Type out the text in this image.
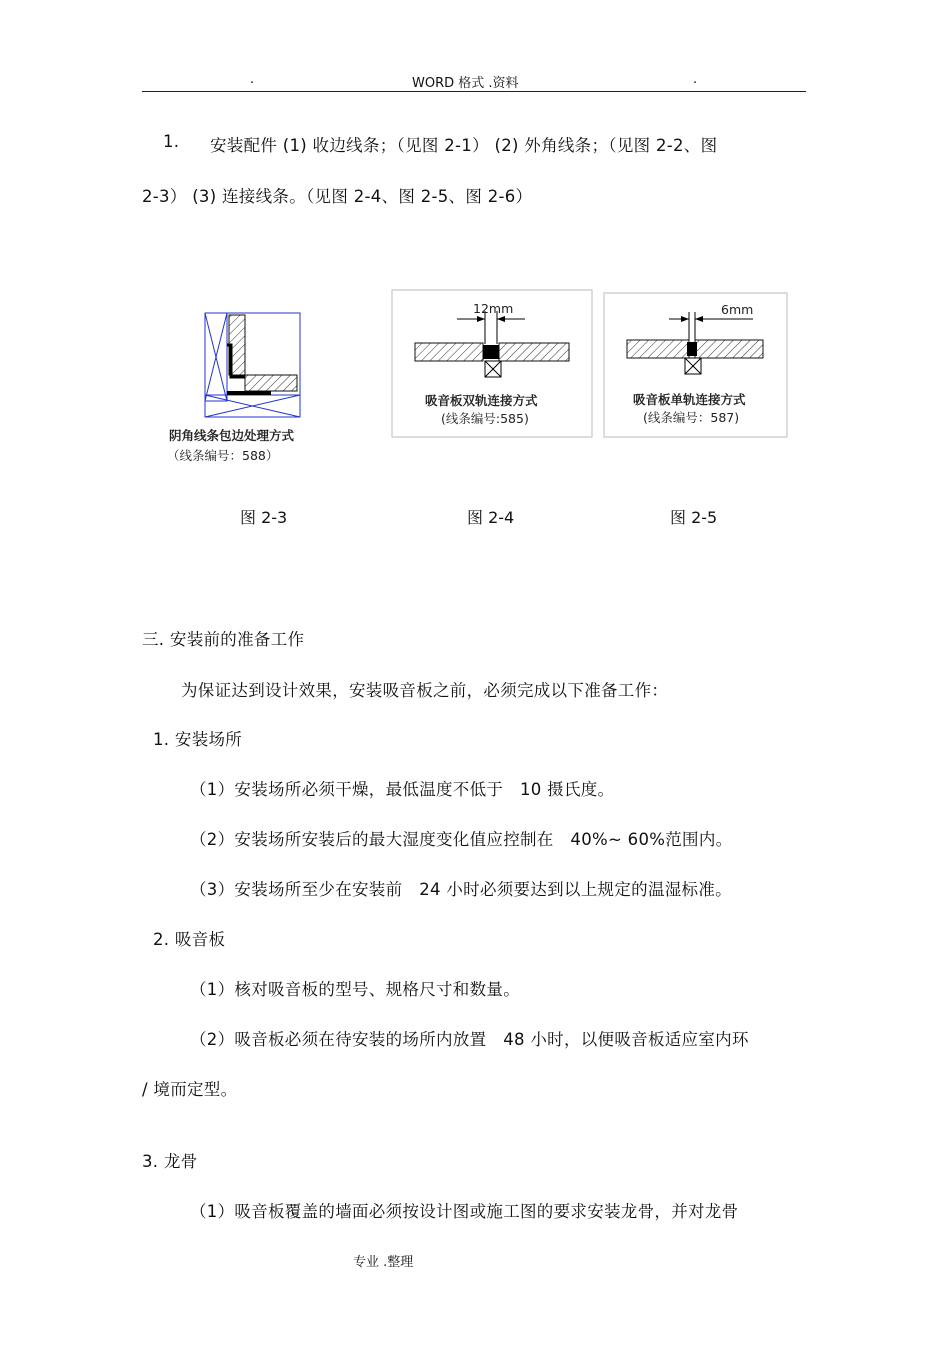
.	WORD 格式 .资料	.
1. 安装配件 (1) 收边线条；（见图 2-1） (2) 外角线条；（见图 2-2、图
2-3） (3) 连接线条。（见图 2-4、图 2-5、图 2-6）
阴角线条包边处理方式
（线条编号：588）
12mm
吸音板双轨连接方式
(线条编号:585)
6mm
吸音板单轨连接方式
(线条编号：587)
图 2-3	图 2-4	图 2-5
三. 安装前的准备工作
为保证达到设计效果，安装吸音板之前，必须完成以下准备工作：
1. 安装场所
（1）安装场所必须干燥，最低温度不低于　10 摄氏度。
（2）安装场所安装后的最大湿度变化值应控制在　40%~ 60%范围内。
（3）安装场所至少在安装前　24 小时必须要达到以上规定的温湿标准。
2. 吸音板
（1）核对吸音板的型号、规格尺寸和数量。
（2）吸音板必须在待安装的场所内放置　48 小时，以便吸音板适应室内环
/ 境而定型。
3. 龙骨
（1）吸音板覆盖的墙面必须按设计图或施工图的要求安装龙骨，并对龙骨
专业 .整理
